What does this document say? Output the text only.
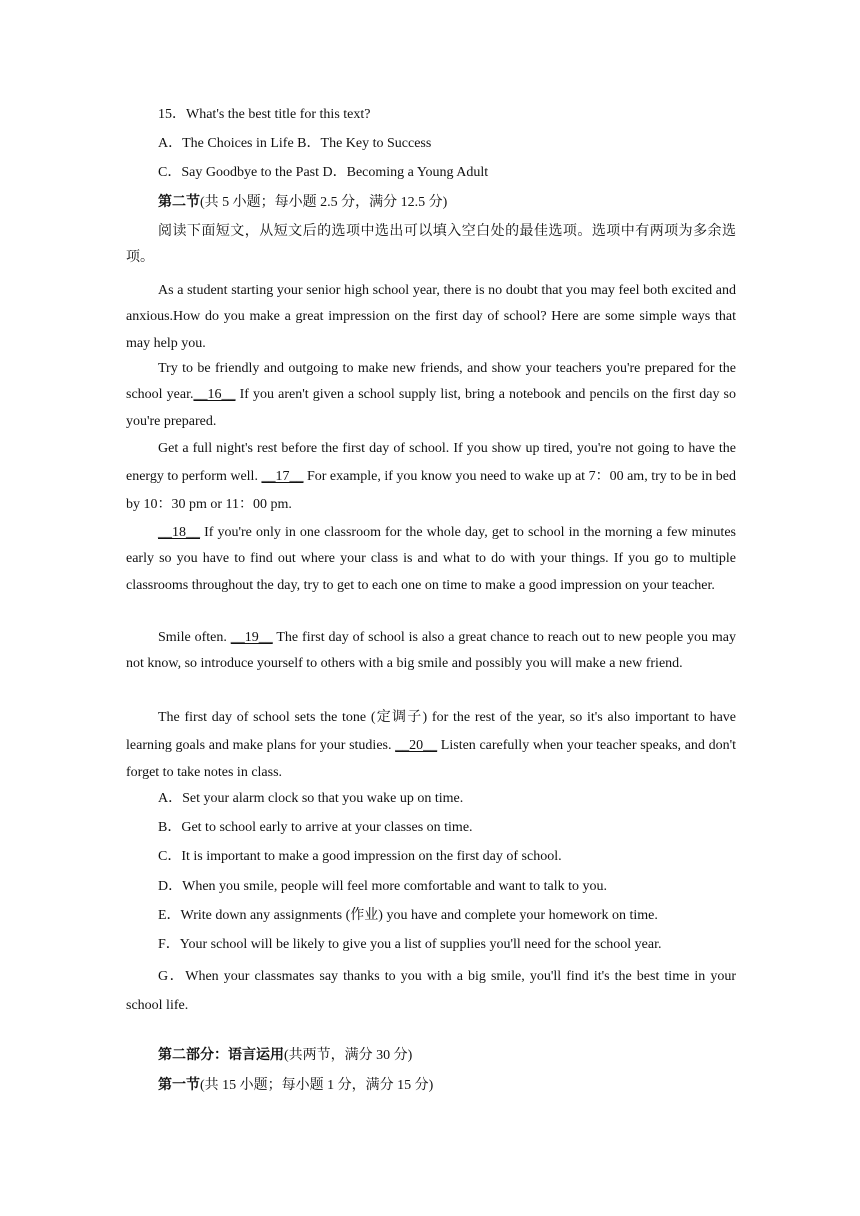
15．What's the best title for this text?
A．The Choices in Life B．The Key to Success
C．Say Goodbye to the Past D．Becoming a Young Adult
第二节(共 5 小题；每小题 2.5 分，满分 12.5 分)
阅读下面短文，从短文后的选项中选出可以填入空白处的最佳选项。选项中有两项为多余选项。
As a student starting your senior high school year, there is no doubt that you may feel both excited and anxious.How do you make a great impression on the first day of school? Here are some simple ways that may help you.
Try to be friendly and outgoing to make new friends, and show your teachers you're prepared for the school year.__16__ If you aren't given a school supply list, bring a notebook and pencils on the first day so you're prepared.
Get a full night's rest before the first day of school. If you show up tired, you're not going to have the energy to perform well. __17__ For example, if you know you need to wake up at 7：00 am, try to be in bed by 10：30 pm or 11：00 pm.
__18__ If you're only in one classroom for the whole day, get to school in the morning a few minutes early so you have to find out where your class is and what to do with your things. If you go to multiple classrooms throughout the day, try to get to each one on time to make a good impression on your teacher.
Smile often. __19__ The first day of school is also a great chance to reach out to new people you may not know, so introduce yourself to others with a big smile and possibly you will make a new friend.
The first day of school sets the tone (定调子) for the rest of the year, so it's also important to have learning goals and make plans for your studies. __20__ Listen carefully when your teacher speaks, and don't forget to take notes in class.
A．Set your alarm clock so that you wake up on time.
B．Get to school early to arrive at your classes on time.
C．It is important to make a good impression on the first day of school.
D．When you smile, people will feel more comfortable and want to talk to you.
E．Write down any assignments (作业) you have and complete your homework on time.
F．Your school will be likely to give you a list of supplies you'll need for the school year.
G．When your classmates say thanks to you with a big smile, you'll find it's the best time in your school life.
第二部分：语言运用(共两节，满分 30 分)
第一节(共 15 小题；每小题 1 分，满分 15 分)
